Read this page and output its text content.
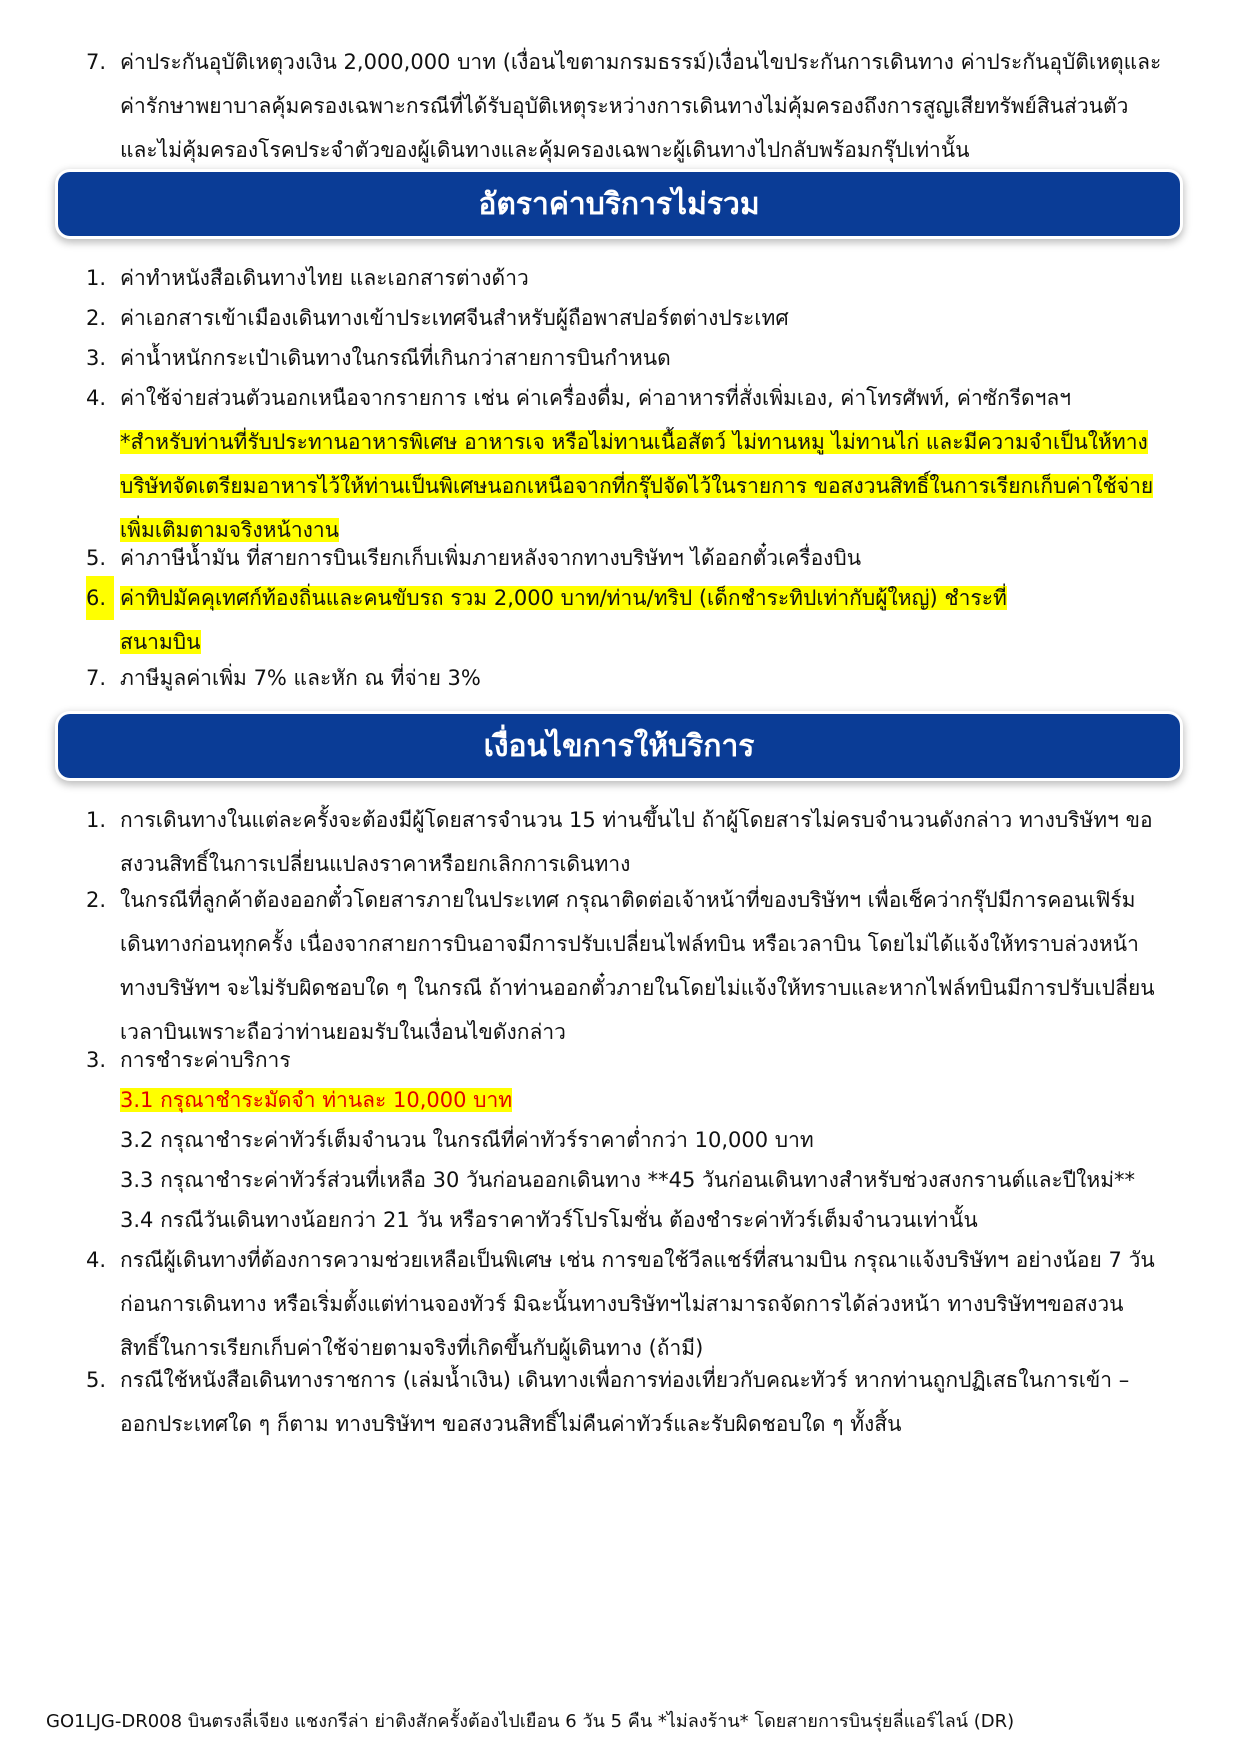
7. ค่าประกันอุบัติเหตุวงเงิน 2,000,000 บาท (เงื่อนไขตามกรมธรรม์)เงื่อนไขประกันการเดินทาง ค่าประกันอุบัติเหตุและ
ค่ารักษาพยาบาลคุ้มครองเฉพาะกรณีที่ได้รับอุบัติเหตุระหว่างการเดินทางไม่คุ้มครองถึงการสูญเสียทรัพย์สินส่วนตัว
และไม่คุ้มครองโรคประจำตัวของผู้เดินทางและคุ้มครองเฉพาะผู้เดินทางไปกลับพร้อมกรุ๊ปเท่านั้น
อัตราค่าบริการไม่รวม
1. ค่าทำหนังสือเดินทางไทย และเอกสารต่างด้าว
2. ค่าเอกสารเข้าเมืองเดินทางเข้าประเทศจีนสำหรับผู้ถือพาสปอร์ตต่างประเทศ
3. ค่าน้ำหนักกระเป๋าเดินทางในกรณีที่เกินกว่าสายการบินกำหนด
4. ค่าใช้จ่ายส่วนตัวนอกเหนือจากรายการ เช่น ค่าเครื่องดื่ม, ค่าอาหารที่สั่งเพิ่มเอง, ค่าโทรศัพท์, ค่าซักรีดฯลฯ
*สำหรับท่านที่รับประทานอาหารพิเศษ อาหารเจ หรือไม่ทานเนื้อสัตว์ ไม่ทานหมู ไม่ทานไก่ และมีความจำเป็นให้ทาง
บริษัทจัดเตรียมอาหารไว้ให้ท่านเป็นพิเศษนอกเหนือจากที่กรุ๊ปจัดไว้ในรายการ ขอสงวนสิทธิ์ในการเรียกเก็บค่าใช้จ่าย
เพิ่มเติมตามจริงหน้างาน
5. ค่าภาษีน้ำมัน ที่สายการบินเรียกเก็บเพิ่มภายหลังจากทางบริษัทฯ ได้ออกตั๋วเครื่องบิน
6. ค่าทิปมัคคุเทศก์ท้องถิ่นและคนขับรถ รวม 2,000 บาท/ท่าน/ทริป (เด็กชำระทิปเท่ากับผู้ใหญ่) ชำระที่
สนามบิน
7. ภาษีมูลค่าเพิ่ม 7% และหัก ณ ที่จ่าย 3%
เงื่อนไขการให้บริการ
1. การเดินทางในแต่ละครั้งจะต้องมีผู้โดยสารจำนวน 15 ท่านขึ้นไป ถ้าผู้โดยสารไม่ครบจำนวนดังกล่าว ทางบริษัทฯ ขอ
สงวนสิทธิ์ในการเปลี่ยนแปลงราคาหรือยกเลิกการเดินทาง
2. ในกรณีที่ลูกค้าต้องออกตั๋วโดยสารภายในประเทศ กรุณาติดต่อเจ้าหน้าที่ของบริษัทฯ เพื่อเช็คว่ากรุ๊ปมีการคอนเฟิร์ม
เดินทางก่อนทุกครั้ง เนื่องจากสายการบินอาจมีการปรับเปลี่ยนไฟล์ทบิน หรือเวลาบิน โดยไม่ได้แจ้งให้ทราบล่วงหน้า
ทางบริษัทฯ จะไม่รับผิดชอบใด ๆ ในกรณี ถ้าท่านออกตั๋วภายในโดยไม่แจ้งให้ทราบและหากไฟล์ทบินมีการปรับเปลี่ยน
เวลาบินเพราะถือว่าท่านยอมรับในเงื่อนไขดังกล่าว
3. การชำระค่าบริการ
3.1 กรุณาชำระมัดจำ ท่านละ 10,000 บาท
3.2 กรุณาชำระค่าทัวร์เต็มจำนวน ในกรณีที่ค่าทัวร์ราคาต่ำกว่า 10,000 บาท
3.3 กรุณาชำระค่าทัวร์ส่วนที่เหลือ 30 วันก่อนออกเดินทาง **45 วันก่อนเดินทางสำหรับช่วงสงกรานต์และปีใหม่**
3.4 กรณีวันเดินทางน้อยกว่า 21 วัน หรือราคาทัวร์โปรโมชั่น ต้องชำระค่าทัวร์เต็มจำนวนเท่านั้น
4. กรณีผู้เดินทางที่ต้องการความช่วยเหลือเป็นพิเศษ เช่น การขอใช้วีลแชร์ที่สนามบิน กรุณาแจ้งบริษัทฯ อย่างน้อย 7 วัน
ก่อนการเดินทาง หรือเริ่มตั้งแต่ท่านจองทัวร์ มิฉะนั้นทางบริษัทฯไม่สามารถจัดการได้ล่วงหน้า ทางบริษัทฯขอสงวน
สิทธิ์ในการเรียกเก็บค่าใช้จ่ายตามจริงที่เกิดขึ้นกับผู้เดินทาง (ถ้ามี)
5. กรณีใช้หนังสือเดินทางราชการ (เล่มน้ำเงิน) เดินทางเพื่อการท่องเที่ยวกับคณะทัวร์ หากท่านถูกปฏิเสธในการเข้า –
ออกประเทศใด ๆ ก็ตาม ทางบริษัทฯ ขอสงวนสิทธิ์ไม่คืนค่าทัวร์และรับผิดชอบใด ๆ ทั้งสิ้น
GO1LJG-DR008 บินตรงลี่เจียง แชงกรีล่า ย่าติงสักครั้งต้องไปเยือน 6 วัน 5 คืน *ไม่ลงร้าน* โดยสายการบินรุ่ยลี่แอร์ไลน์ (DR)
